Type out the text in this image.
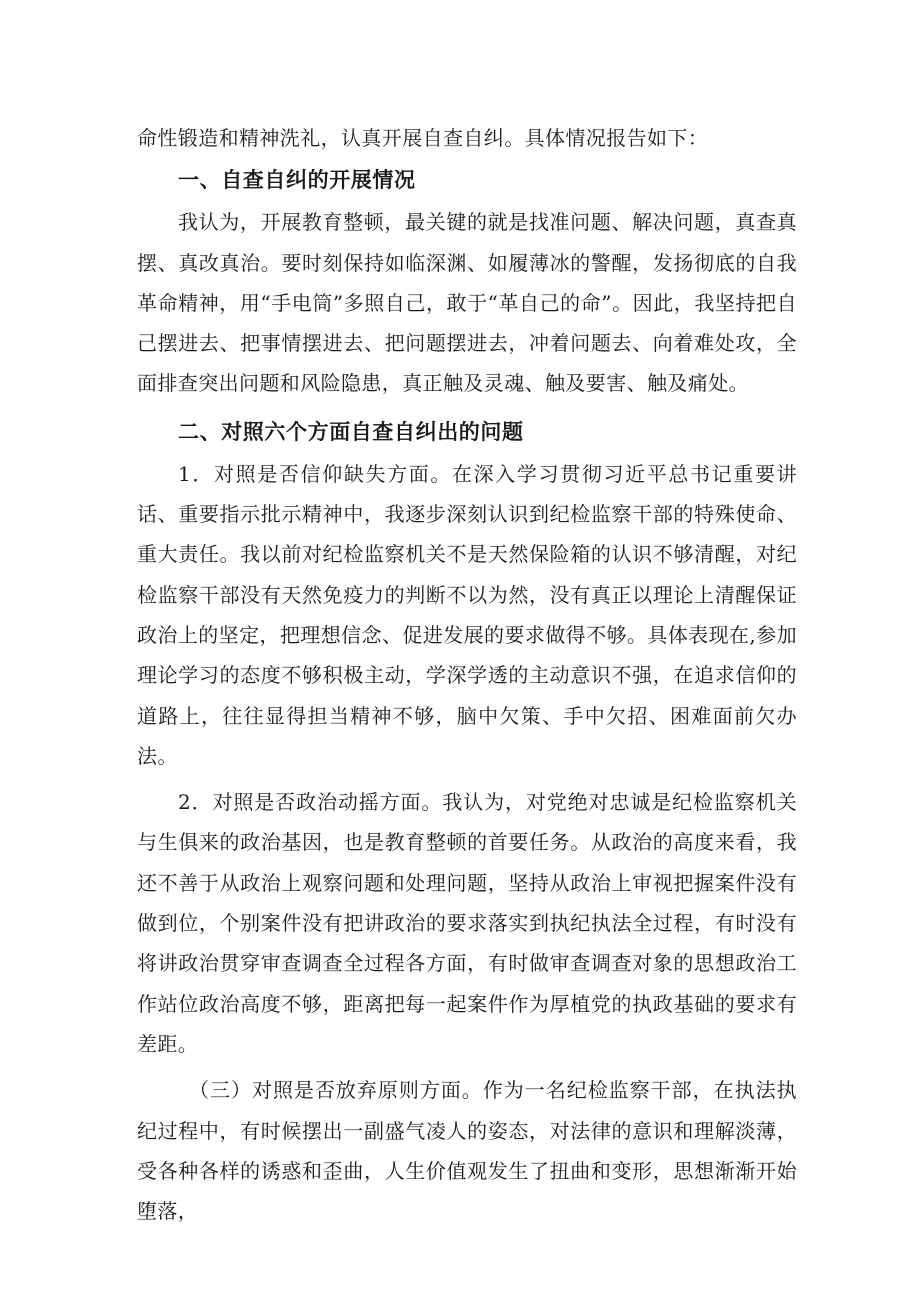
命性锻造和精神洗礼，认真开展自查自纠。具体情况报告如下：

一、自查自纠的开展情况

我认为，开展教育整顿，最关键的就是找准问题、解决问题，真查真摆、真改真治。要时刻保持如临深渊、如履薄冰的警醒，发扬彻底的自我革命精神，用“手电筒”多照自己，敢于“革自己的命”。因此，我坚持把自己摆进去、把事情摆进去、把问题摆进去，冲着问题去、向着难处攻，全面排查突出问题和风险隐患，真正触及灵魂、触及要害、触及痛处。

二、对照六个方面自查自纠出的问题

1．对照是否信仰缺失方面。在深入学习贯彻习近平总书记重要讲话、重要指示批示精神中，我逐步深刻认识到纪检监察干部的特殊使命、重大责任。我以前对纪检监察机关不是天然保险箱的认识不够清醒，对纪检监察干部没有天然免疫力的判断不以为然，没有真正以理论上清醒保证政治上的坚定，把理想信念、促进发展的要求做得不够。具体表现在,参加理论学习的态度不够积极主动，学深学透的主动意识不强，在追求信仰的道路上，往往显得担当精神不够，脑中欠策、手中欠招、困难面前欠办法。

2．对照是否政治动摇方面。我认为，对党绝对忠诚是纪检监察机关与生俱来的政治基因，也是教育整顿的首要任务。从政治的高度来看，我还不善于从政治上观察问题和处理问题，坚持从政治上审视把握案件没有做到位，个别案件没有把讲政治的要求落实到执纪执法全过程，有时没有将讲政治贯穿审查调查全过程各方面，有时做审查调查对象的思想政治工作站位政治高度不够，距离把每一起案件作为厚植党的执政基础的要求有差距。

（三）对照是否放弃原则方面。作为一名纪检监察干部，在执法执纪过程中，有时候摆出一副盛气凌人的姿态，对法律的意识和理解淡薄，受各种各样的诱惑和歪曲，人生价值观发生了扭曲和变形，思想渐渐开始堕落，
